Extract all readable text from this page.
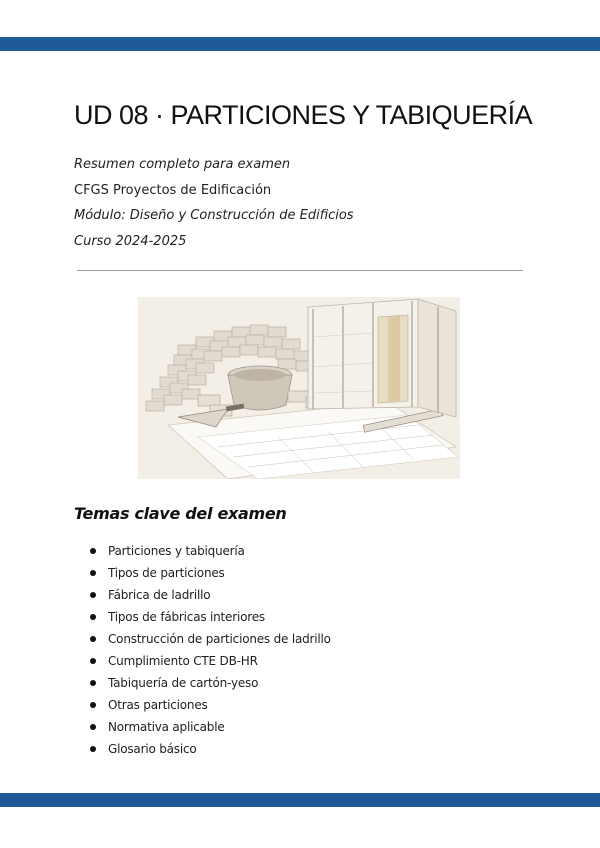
UD 08 · PARTICIONES Y TABIQUERÍA
Resumen completo para examen
CFGS Proyectos de Edificación
Módulo: Diseño y Construcción de Edificios
Curso 2024-2025
Temas clave del examen
Particiones y tabiquería
Tipos de particiones
Fábrica de ladrillo
Tipos de fábricas interiores
Construcción de particiones de ladrillo
Cumplimiento CTE DB-HR
Tabiquería de cartón-yeso
Otras particiones
Normativa aplicable
Glosario básico
